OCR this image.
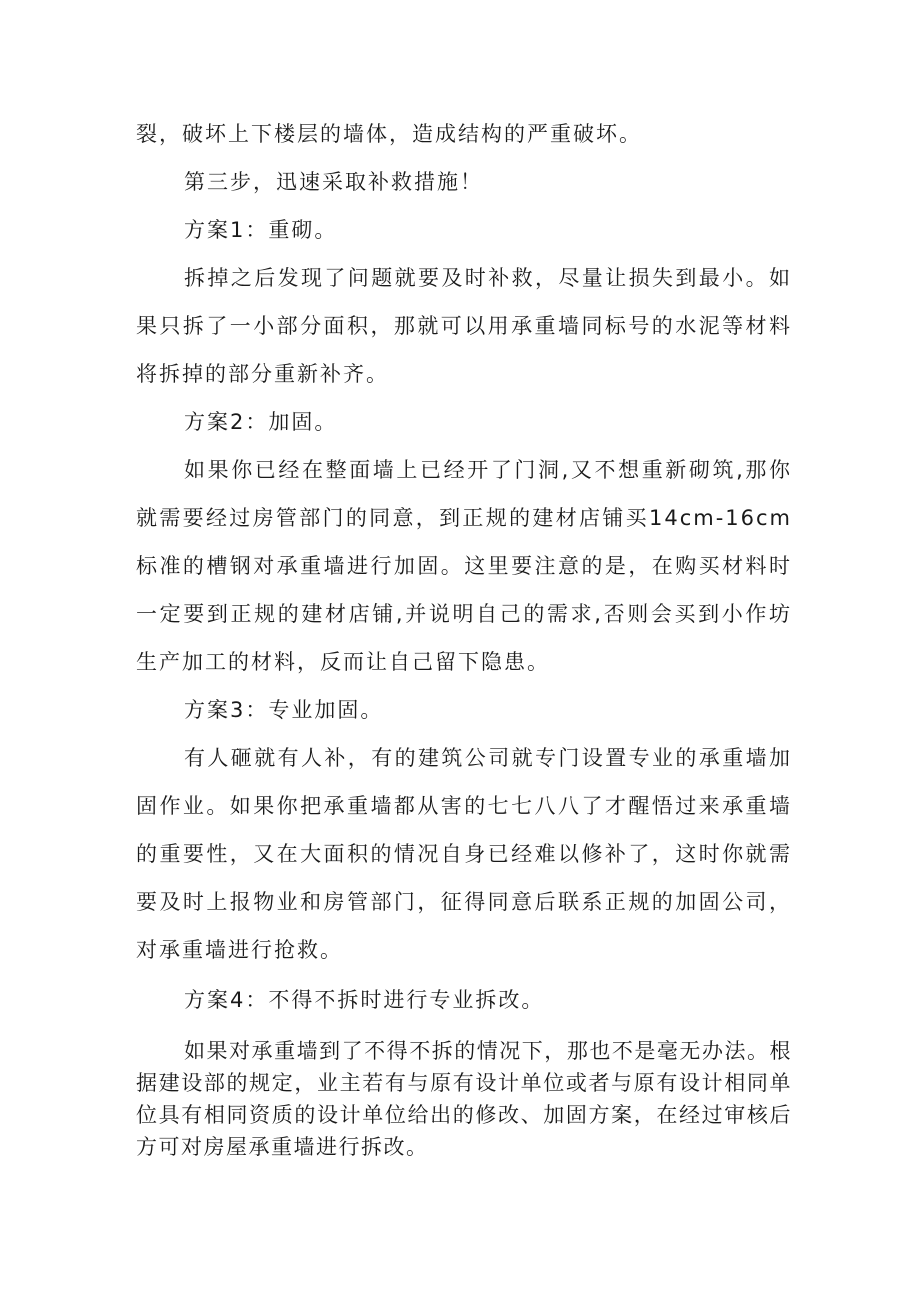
裂，破坏上下楼层的墙体，造成结构的严重破坏。

第三步，迅速采取补救措施！

方案1：重砌。

拆掉之后发现了问题就要及时补救，尽量让损失到最小。如果只拆了一小部分面积，那就可以用承重墙同标号的水泥等材料将拆掉的部分重新补齐。

方案2：加固。

如果你已经在整面墙上已经开了门洞,又不想重新砌筑,那你就需要经过房管部门的同意，到正规的建材店铺买14cm-16cm标准的槽钢对承重墙进行加固。这里要注意的是，在购买材料时一定要到正规的建材店铺,并说明自己的需求,否则会买到小作坊生产加工的材料，反而让自己留下隐患。

方案3：专业加固。

有人砸就有人补，有的建筑公司就专门设置专业的承重墙加固作业。如果你把承重墙都从害的七七八八了才醒悟过来承重墙的重要性，又在大面积的情况自身已经难以修补了，这时你就需要及时上报物业和房管部门，征得同意后联系正规的加固公司，对承重墙进行抢救。

方案4：不得不拆时进行专业拆改。

如果对承重墙到了不得不拆的情况下，那也不是毫无办法。根据建设部的规定，业主若有与原有设计单位或者与原有设计相同单位具有相同资质的设计单位给出的修改、加固方案，在经过审核后方可对房屋承重墙进行拆改。
